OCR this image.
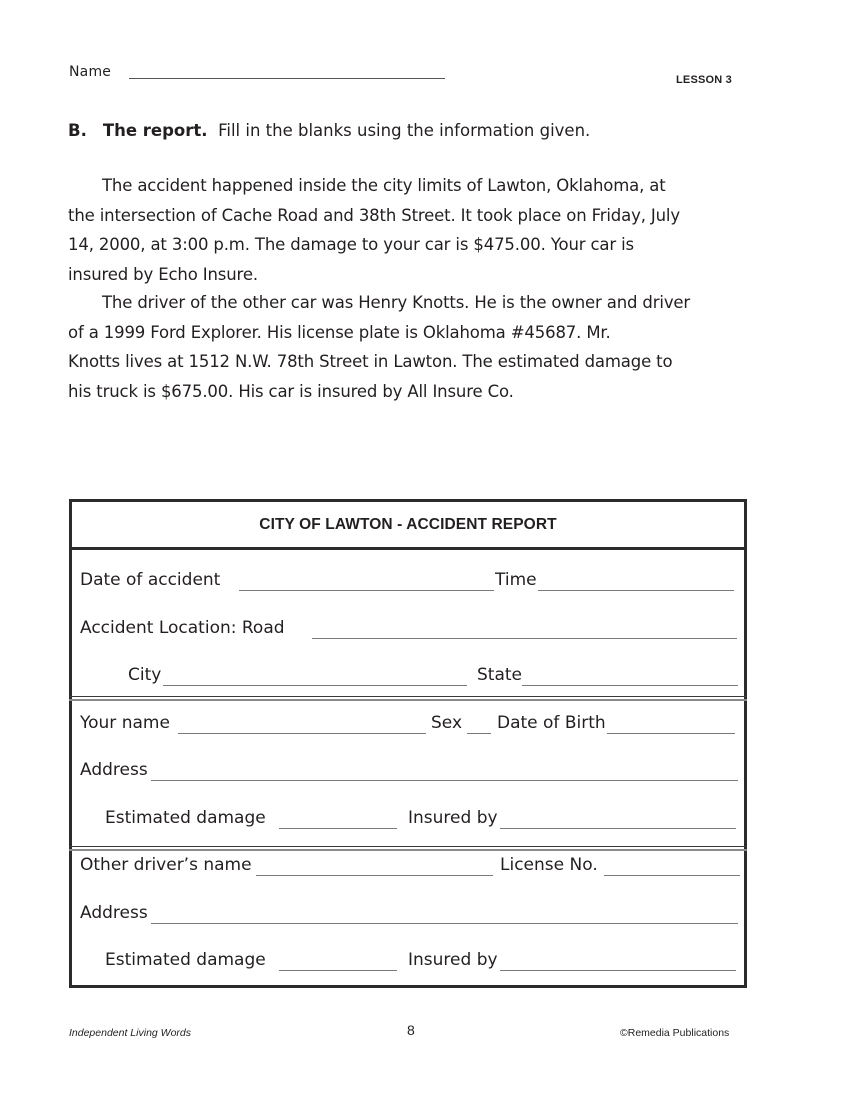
Name	LESSON 3
B. The report. Fill in the blanks using the information given.
The accident happened inside the city limits of Lawton, Oklahoma, at
the intersection of Cache Road and 38th Street. It took place on Friday, July
14, 2000, at 3:00 p.m. The damage to your car is $475.00. Your car is
insured by Echo Insure.
The driver of the other car was Henry Knotts. He is the owner and driver
of a 1999 Ford Explorer. His license plate is Oklahoma #45687. Mr.
Knotts lives at 1512 N.W. 78th Street in Lawton. The estimated damage to
his truck is $675.00. His car is insured by All Insure Co.
CITY OF LAWTON - ACCIDENT REPORT
Date of accident	Time
Accident Location: Road
City	State
Your name	Sex Date of Birth
Address
Estimated damage	Insured by
Other driver’s name	License No.
Address
Estimated damage	Insured by
Independent Living Words	8	©Remedia Publications
